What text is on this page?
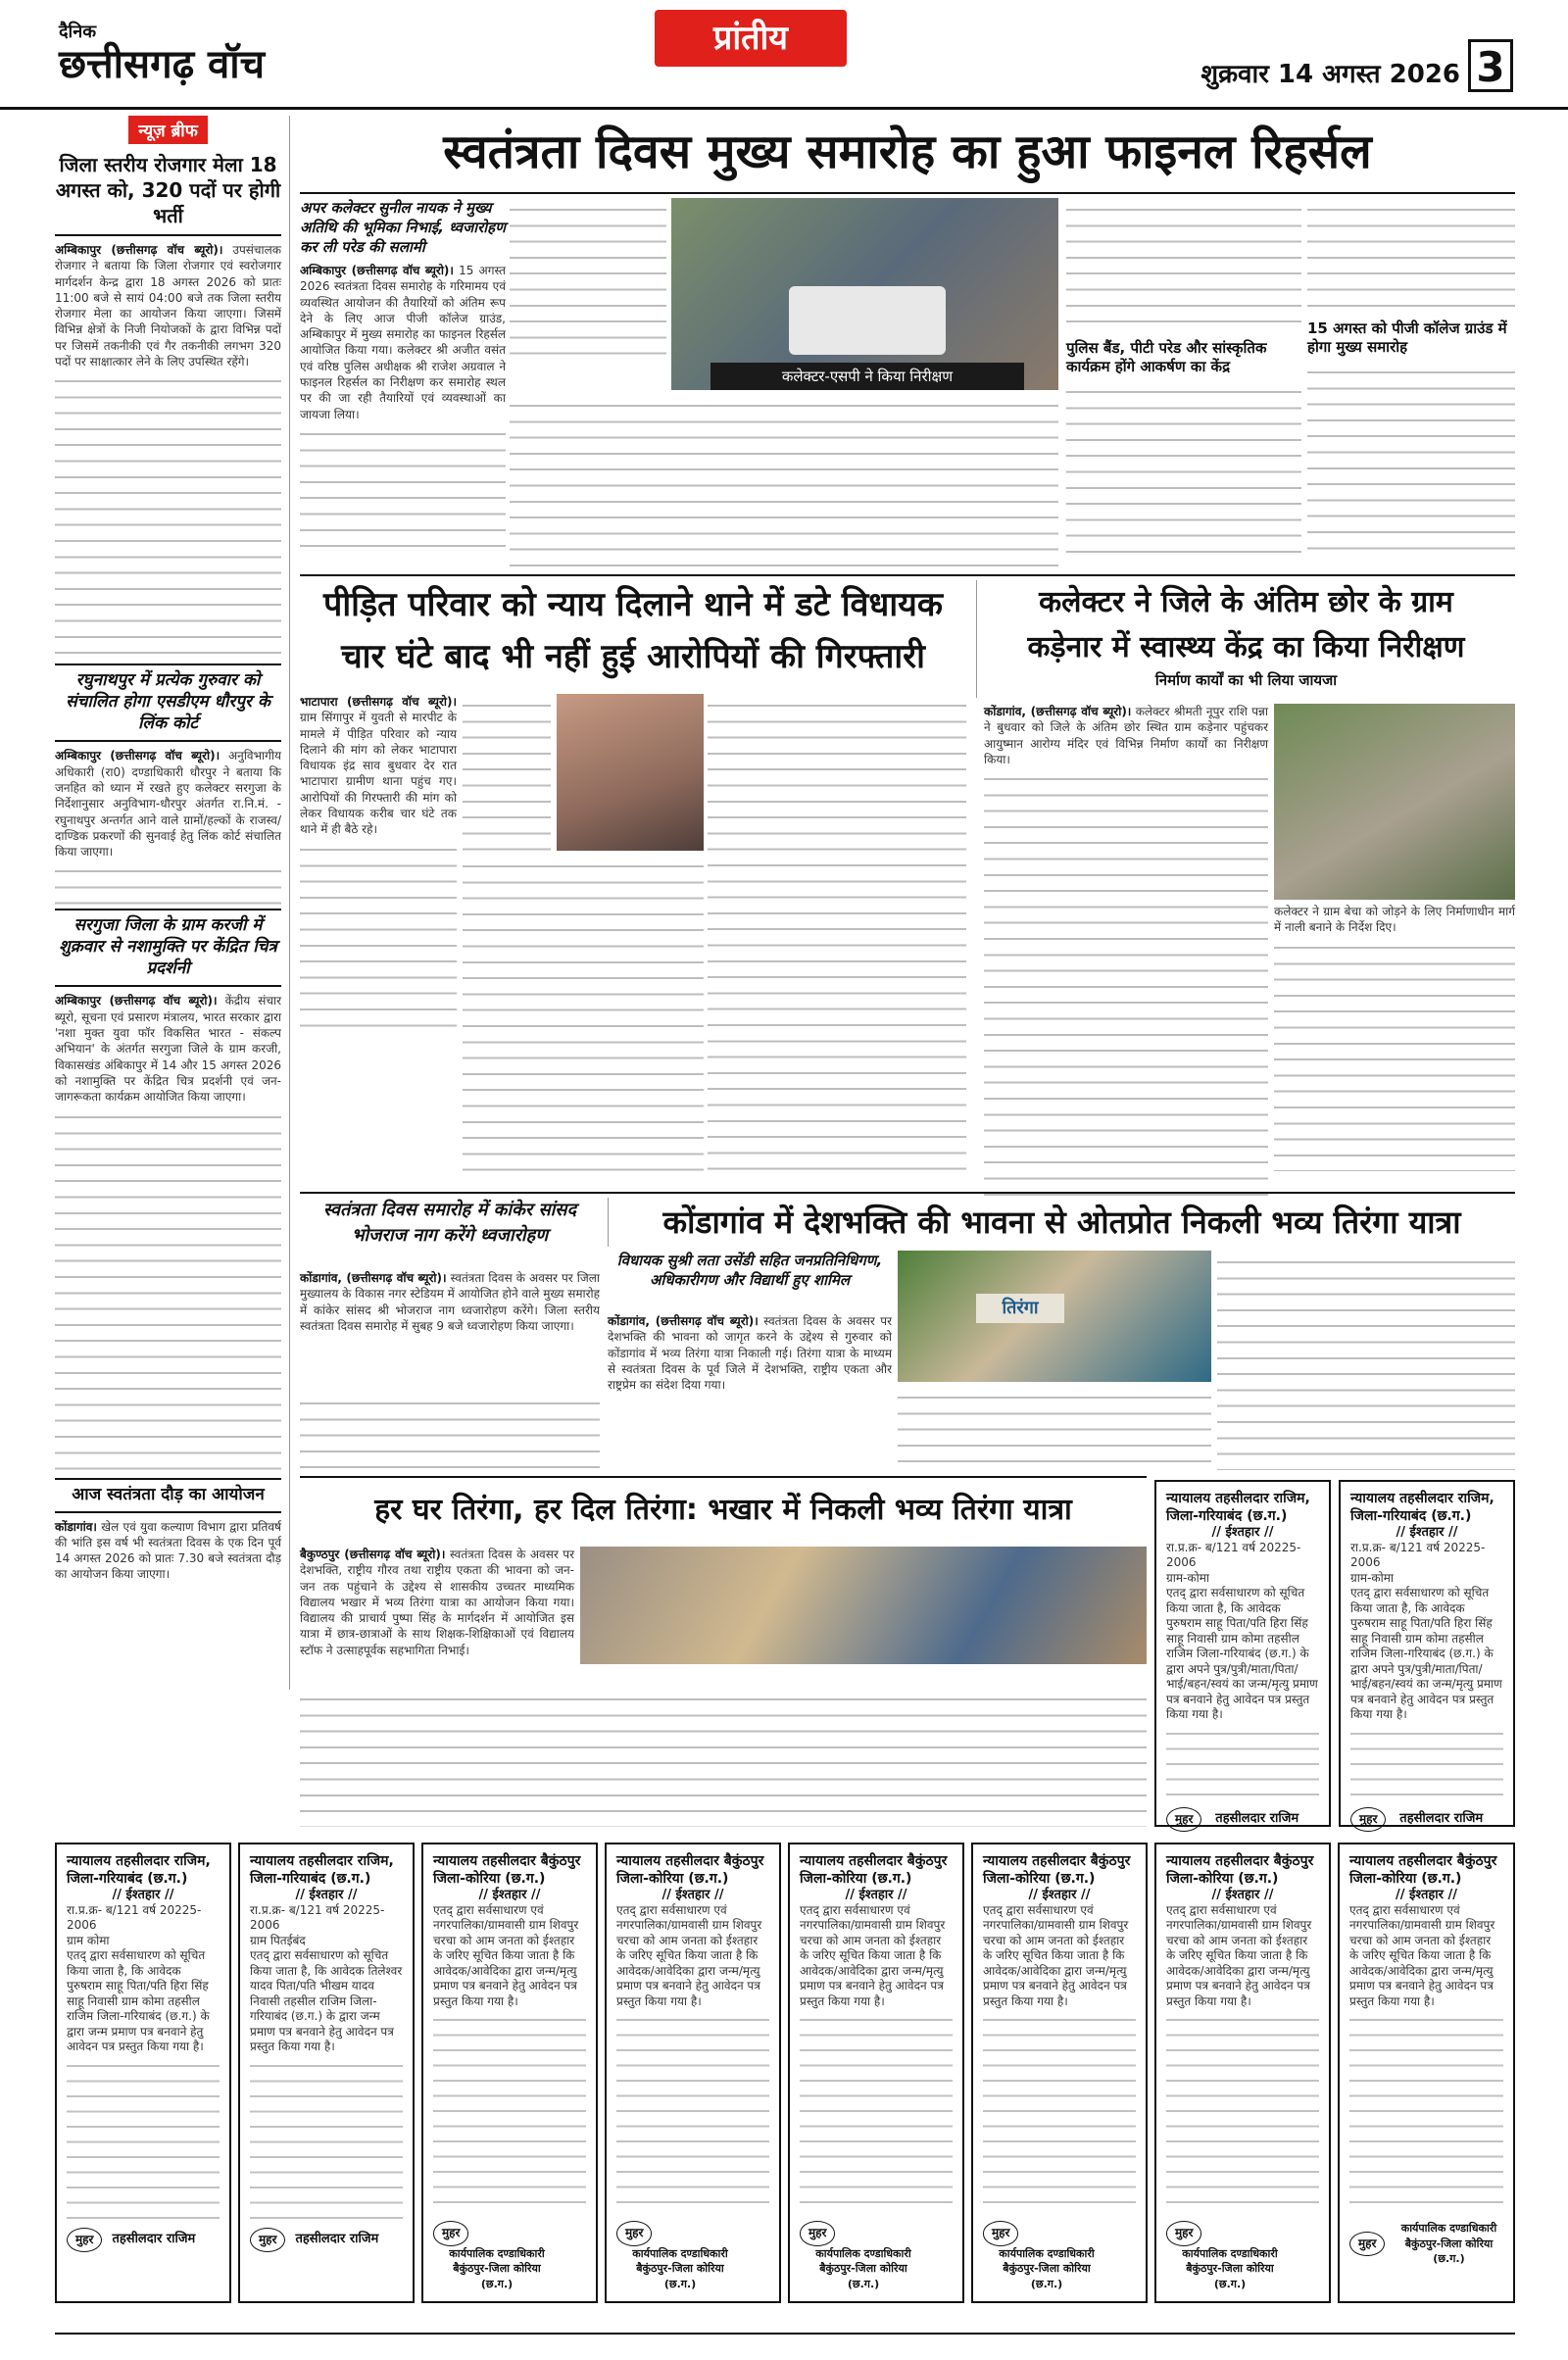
दैनिक
छत्तीसगढ़ वॉच
प्रांतीय
शुक्रवार 14 अगस्त 2026 3
न्यूज़ ब्रीफ
जिला स्तरीय रोजगार मेला 18 अगस्त को, 320 पदों पर होगी भर्ती
अम्बिकापुर (छत्तीसगढ़ वॉच ब्यूरो)। उपसंचालक रोजगार ने बताया कि जिला रोजगार एवं स्वरोजगार मार्गदर्शन केन्द्र द्वारा 18 अगस्त 2026 को प्रातः 11:00 बजे से सायं 04:00 बजे तक जिला स्तरीय रोजगार मेला का आयोजन किया जाएगा। जिसमें विभिन्न क्षेत्रों के निजी नियोजकों के द्वारा विभिन्न पदों पर जिसमें तकनीकी एवं गैर तकनीकी लगभग 320 पदों पर साक्षात्कार लेने के लिए उपस्थित रहेंगे।
रघुनाथपुर में प्रत्येक गुरुवार को संचालित होगा एसडीएम धौरपुर के लिंक कोर्ट
अम्बिकापुर (छत्तीसगढ़ वॉच ब्यूरो)। अनुविभागीय अधिकारी (रा0) दण्डाधिकारी धौरपुर ने बताया कि जनहित को ध्यान में रखते हुए कलेक्टर सरगुजा के निर्देशानुसार अनुविभाग-धौरपुर अंतर्गत रा.नि.मं. - रघुनाथपुर अन्तर्गत आने वाले ग्रामों/हल्कों के राजस्व/दाण्डिक प्रकरणों की सुनवाई हेतु लिंक कोर्ट संचालित किया जाएगा।
सरगुजा जिला के ग्राम करजी में शुक्रवार से नशामुक्ति पर केंद्रित चित्र प्रदर्शनी
अम्बिकापुर (छत्तीसगढ़ वॉच ब्यूरो)। केंद्रीय संचार ब्यूरो, सूचना एवं प्रसारण मंत्रालय, भारत सरकार द्वारा 'नशा मुक्त युवा फॉर विकसित भारत - संकल्प अभियान' के अंतर्गत सरगुजा जिले के ग्राम करजी, विकासखंड अंबिकापुर में 14 और 15 अगस्त 2026 को नशामुक्ति पर केंद्रित चित्र प्रदर्शनी एवं जन-जागरूकता कार्यक्रम आयोजित किया जाएगा।
आज स्वतंत्रता दौड़ का आयोजन
कोंडागांव। खेल एवं युवा कल्याण विभाग द्वारा प्रतिवर्ष की भांति इस वर्ष भी स्वतंत्रता दिवस के एक दिन पूर्व 14 अगस्त 2026 को प्रातः 7.30 बजे स्वतंत्रता दौड़ का आयोजन किया जाएगा।
स्वतंत्रता दिवस मुख्य समारोह का हुआ फाइनल रिहर्सल
अपर कलेक्टर सुनील नायक ने मुख्य अतिथि की भूमिका निभाई, ध्वजारोहण कर ली परेड की सलामी
अम्बिकापुर (छत्तीसगढ़ वॉच ब्यूरो)। 15 अगस्त 2026 स्वतंत्रता दिवस समारोह के गरिमामय एवं व्यवस्थित आयोजन की तैयारियों को अंतिम रूप देने के लिए आज पीजी कॉलेज ग्राउंड, अम्बिकापुर में मुख्य समारोह का फाइनल रिहर्सल आयोजित किया गया। कलेक्टर श्री अजीत वसंत एवं वरिष्ठ पुलिस अधीक्षक श्री राजेश अग्रवाल ने फाइनल रिहर्सल का निरीक्षण कर समारोह स्थल पर की जा रही तैयारियों एवं व्यवस्थाओं का जायजा लिया।
कलेक्टर-एसपी ने किया निरीक्षण
पुलिस बैंड, पीटी परेड और सांस्कृतिक कार्यक्रम होंगे आकर्षण का केंद्र
15 अगस्त को पीजी कॉलेज ग्राउंड में होगा मुख्य समारोह
पीड़ित परिवार को न्याय दिलाने थाने में डटे विधायक
चार घंटे बाद भी नहीं हुई आरोपियों की गिरफ्तारी
भाटापारा (छत्तीसगढ़ वॉच ब्यूरो)। ग्राम सिंगापुर में युवती से मारपीट के मामले में पीड़ित परिवार को न्याय दिलाने की मांग को लेकर भाटापारा विधायक इंद्र साव बुधवार देर रात भाटापारा ग्रामीण थाना पहुंच गए। आरोपियों की गिरफ्तारी की मांग को लेकर विधायक करीब चार घंटे तक थाने में ही बैठे रहे।
कलेक्टर ने जिले के अंतिम छोर के ग्राम
कड़ेनार में स्वास्थ्य केंद्र का किया निरीक्षण
निर्माण कार्यों का भी लिया जायजा
कोंडागांव, (छत्तीसगढ़ वॉच ब्यूरो)। कलेक्टर श्रीमती नूपुर राशि पन्ना ने बुधवार को जिले के अंतिम छोर स्थित ग्राम कड़ेनार पहुंचकर आयुष्मान आरोग्य मंदिर एवं विभिन्न निर्माण कार्यों का निरीक्षण किया।
कलेक्टर ने ग्राम बेचा को जोड़ने के लिए निर्माणाधीन मार्ग में नाली बनाने के निर्देश दिए।
स्वतंत्रता दिवस समारोह में कांकेर सांसद
भोजराज नाग करेंगे ध्वजारोहण
कोंडागांव, (छत्तीसगढ़ वॉच ब्यूरो)। स्वतंत्रता दिवस के अवसर पर जिला मुख्यालय के विकास नगर स्टेडियम में आयोजित होने वाले मुख्य समारोह में कांकेर सांसद श्री भोजराज नाग ध्वजारोहण करेंगे। जिला स्तरीय स्वतंत्रता दिवस समारोह में सुबह 9 बजे ध्वजारोहण किया जाएगा।
कोंडागांव में देशभक्ति की भावना से ओतप्रोत निकली भव्य तिरंगा यात्रा
विधायक सुश्री लता उसेंडी सहित जनप्रतिनिधिगण, अधिकारीगण और विद्यार्थी हुए शामिल
कोंडागांव, (छत्तीसगढ़ वॉच ब्यूरो)। स्वतंत्रता दिवस के अवसर पर देशभक्ति की भावना को जागृत करने के उद्देश्य से गुरुवार को कोंडागांव में भव्य तिरंगा यात्रा निकाली गई। तिरंगा यात्रा के माध्यम से स्वतंत्रता दिवस के पूर्व जिले में देशभक्ति, राष्ट्रीय एकता और राष्ट्रप्रेम का संदेश दिया गया।
तिरंगा
हर घर तिरंगा, हर दिल तिरंगा: भखार में निकली भव्य तिरंगा यात्रा
बैकुण्ठपुर (छत्तीसगढ़ वॉच ब्यूरो)। स्वतंत्रता दिवस के अवसर पर देशभक्ति, राष्ट्रीय गौरव तथा राष्ट्रीय एकता की भावना को जन-जन तक पहुंचाने के उद्देश्य से शासकीय उच्चतर माध्यमिक विद्यालय भखार में भव्य तिरंगा यात्रा का आयोजन किया गया। विद्यालय की प्राचार्य पुष्पा सिंह के मार्गदर्शन में आयोजित इस यात्रा में छात्र-छात्राओं के साथ शिक्षक-शिक्षिकाओं एवं विद्यालय स्टॉफ ने उत्साहपूर्वक सहभागिता निभाई।
न्यायालय तहसीलदार राजिम, जिला-गरियाबंद (छ.ग.)
// ईश्तहार //
रा.प्र.क्र- ब/121 वर्ष 20225-2006
ग्राम-कोमा
एतद् द्वारा सर्वसाधारण को सूचित किया जाता है, कि आवेदक पुरुषराम साहू पिता/पति हिरा सिंह साहू निवासी ग्राम कोमा तहसील राजिम जिला-गरियाबंद (छ.ग.) के द्वारा अपने पुत्र/पुत्री/माता/पिता/भाई/बहन/स्वयं का जन्म/मृत्यु प्रमाण पत्र बनवाने हेतु आवेदन पत्र प्रस्तुत किया गया है।
मुहर तहसीलदार राजिम
न्यायालय तहसीलदार राजिम, जिला-गरियाबंद (छ.ग.)
// ईश्तहार //
रा.प्र.क्र- ब/121 वर्ष 20225-2006
ग्राम-कोमा
एतद् द्वारा सर्वसाधारण को सूचित किया जाता है, कि आवेदक पुरुषराम साहू पिता/पति हिरा सिंह साहू निवासी ग्राम कोमा तहसील राजिम जिला-गरियाबंद (छ.ग.) के द्वारा अपने पुत्र/पुत्री/माता/पिता/भाई/बहन/स्वयं का जन्म/मृत्यु प्रमाण पत्र बनवाने हेतु आवेदन पत्र प्रस्तुत किया गया है।
मुहर तहसीलदार राजिम
न्यायालय तहसीलदार राजिम, जिला-गरियाबंद (छ.ग.)
// ईश्तहार //
रा.प्र.क्र- ब/121 वर्ष 20225-2006
ग्राम कोमा
एतद् द्वारा सर्वसाधारण को सूचित किया जाता है, कि आवेदक पुरुषराम साहू पिता/पति हिरा सिंह साहू निवासी ग्राम कोमा तहसील राजिम जिला-गरियाबंद (छ.ग.) के द्वारा जन्म प्रमाण पत्र बनवाने हेतु आवेदन पत्र प्रस्तुत किया गया है।
मुहर तहसीलदार राजिम
न्यायालय तहसीलदार राजिम, जिला-गरियाबंद (छ.ग.)
// ईश्तहार //
रा.प्र.क्र- ब/121 वर्ष 20225-2006
ग्राम पितईबंद
एतद् द्वारा सर्वसाधारण को सूचित किया जाता है, कि आवेदक तिलेश्वर यादव पिता/पति भीखम यादव निवासी तहसील राजिम जिला-गरियाबंद (छ.ग.) के द्वारा जन्म प्रमाण पत्र बनवाने हेतु आवेदन पत्र प्रस्तुत किया गया है।
मुहर तहसीलदार राजिम
न्यायालय तहसीलदार बैकुंठपुर जिला-कोरिया (छ.ग.)
// ईश्तहार //
एतद् द्वारा सर्वसाधारण एवं नगरपालिका/ग्रामवासी ग्राम शिवपुर चरचा को आम जनता को ईश्तहार के जरिए सूचित किया जाता है कि आवेदक/आवेदिका द्वारा जन्म/मृत्यु प्रमाण पत्र बनवाने हेतु आवेदन पत्र प्रस्तुत किया गया है।
मुहरकार्यपालिक दण्डाधिकारी बैकुंठपुर-जिला कोरिया (छ.ग.)
न्यायालय तहसीलदार बैकुंठपुर जिला-कोरिया (छ.ग.)
// ईश्तहार //
एतद् द्वारा सर्वसाधारण एवं नगरपालिका/ग्रामवासी ग्राम शिवपुर चरचा को आम जनता को ईश्तहार के जरिए सूचित किया जाता है कि आवेदक/आवेदिका द्वारा जन्म/मृत्यु प्रमाण पत्र बनवाने हेतु आवेदन पत्र प्रस्तुत किया गया है।
मुहरकार्यपालिक दण्डाधिकारी बैकुंठपुर-जिला कोरिया (छ.ग.)
न्यायालय तहसीलदार बैकुंठपुर जिला-कोरिया (छ.ग.)
// ईश्तहार //
एतद् द्वारा सर्वसाधारण एवं नगरपालिका/ग्रामवासी ग्राम शिवपुर चरचा को आम जनता को ईश्तहार के जरिए सूचित किया जाता है कि आवेदक/आवेदिका द्वारा जन्म/मृत्यु प्रमाण पत्र बनवाने हेतु आवेदन पत्र प्रस्तुत किया गया है।
मुहरकार्यपालिक दण्डाधिकारी बैकुंठपुर-जिला कोरिया (छ.ग.)
न्यायालय तहसीलदार बैकुंठपुर जिला-कोरिया (छ.ग.)
// ईश्तहार //
एतद् द्वारा सर्वसाधारण एवं नगरपालिका/ग्रामवासी ग्राम शिवपुर चरचा को आम जनता को ईश्तहार के जरिए सूचित किया जाता है कि आवेदक/आवेदिका द्वारा जन्म/मृत्यु प्रमाण पत्र बनवाने हेतु आवेदन पत्र प्रस्तुत किया गया है।
मुहरकार्यपालिक दण्डाधिकारी बैकुंठपुर-जिला कोरिया (छ.ग.)
न्यायालय तहसीलदार बैकुंठपुर जिला-कोरिया (छ.ग.)
// ईश्तहार //
एतद् द्वारा सर्वसाधारण एवं नगरपालिका/ग्रामवासी ग्राम शिवपुर चरचा को आम जनता को ईश्तहार के जरिए सूचित किया जाता है कि आवेदक/आवेदिका द्वारा जन्म/मृत्यु प्रमाण पत्र बनवाने हेतु आवेदन पत्र प्रस्तुत किया गया है।
मुहरकार्यपालिक दण्डाधिकारी बैकुंठपुर-जिला कोरिया (छ.ग.)
न्यायालय तहसीलदार बैकुंठपुर जिला-कोरिया (छ.ग.)
// ईश्तहार //
एतद् द्वारा सर्वसाधारण एवं नगरपालिका/ग्रामवासी ग्राम शिवपुर चरचा को आम जनता को ईश्तहार के जरिए सूचित किया जाता है कि आवेदक/आवेदिका द्वारा जन्म/मृत्यु प्रमाण पत्र बनवाने हेतु आवेदन पत्र प्रस्तुत किया गया है।
मुहरकार्यपालिक दण्डाधिकारी बैकुंठपुर-जिला कोरिया (छ.ग.)
